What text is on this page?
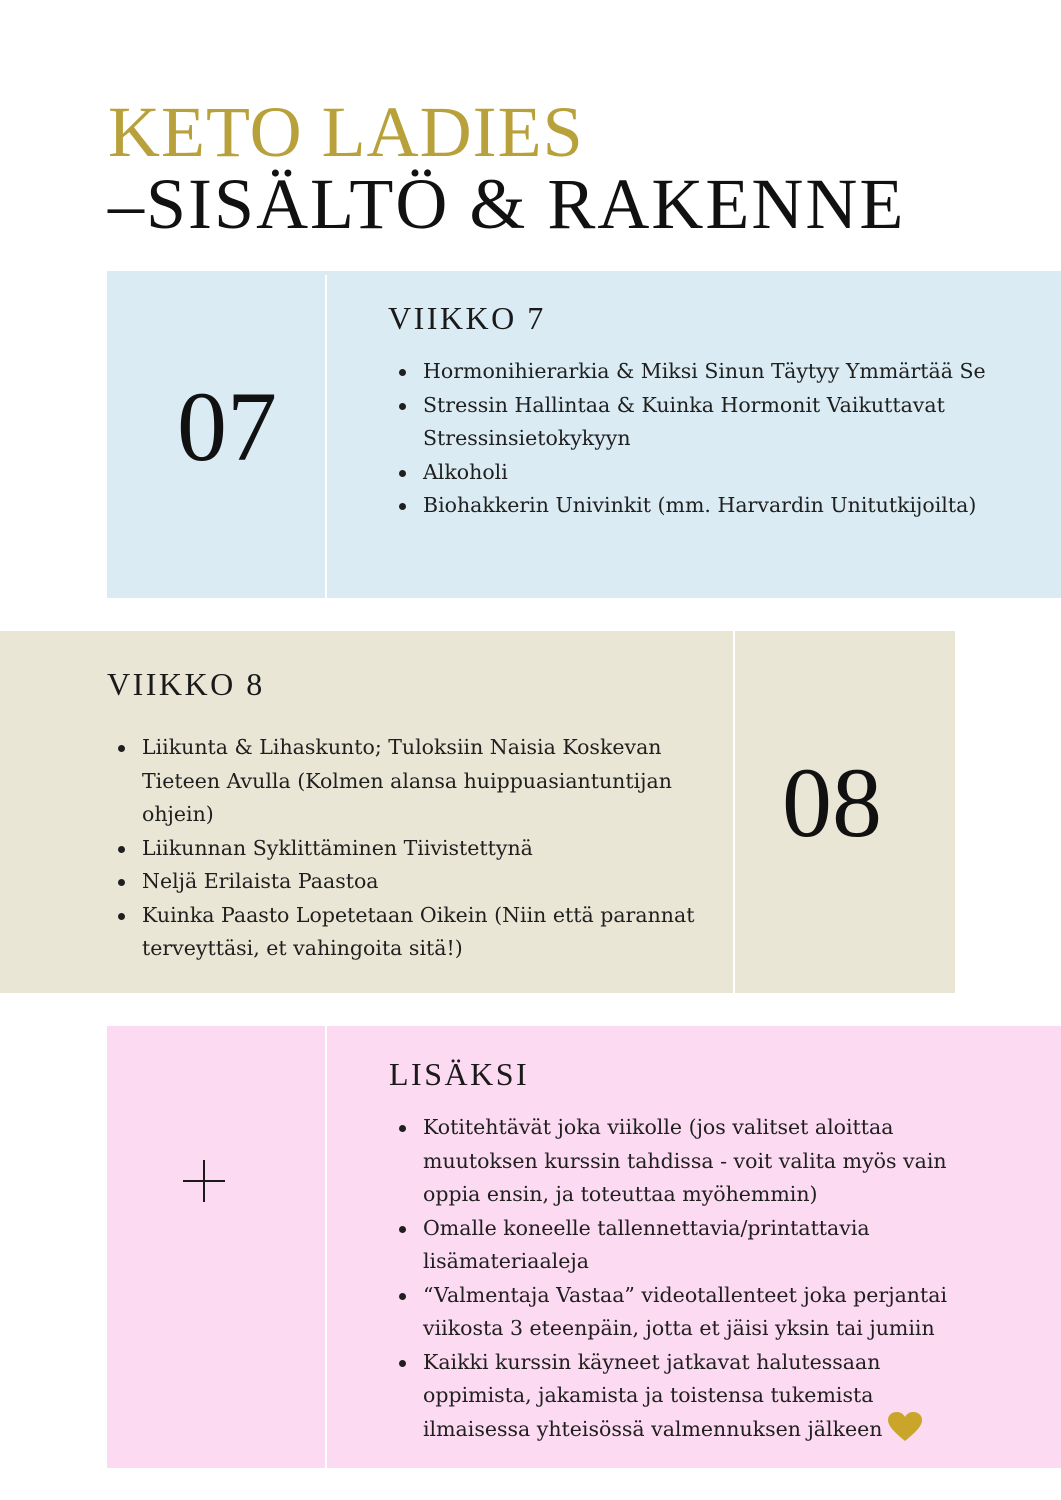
KETO LADIES
–SISÄLTÖ & RAKENNE
07
VIIKKO 7
Hormonihierarkia & Miksi Sinun Täytyy Ymmärtää Se
Stressin Hallintaa & Kuinka Hormonit Vaikuttavat Stressinsietokykyyn
Alkoholi
Biohakkerin Univinkit (mm. Harvardin Unitutkijoilta)
VIIKKO 8
Liikunta & Lihaskunto; Tuloksiin Naisia Koskevan Tieteen Avulla (Kolmen alansa huippuasiantuntijan ohjein)
Liikunnan Syklittäminen Tiivistettynä
Neljä Erilaista Paastoa
Kuinka Paasto Lopetetaan Oikein (Niin että parannat terveyttäsi, et vahingoita sitä!)
08
LISÄKSI
Kotitehtävät joka viikolle (jos valitset aloittaa muutoksen kurssin tahdissa - voit valita myös vain oppia ensin, ja toteuttaa myöhemmin)
Omalle koneelle tallennettavia/printattavia lisämateriaaleja
“Valmentaja Vastaa” videotallenteet joka perjantai viikosta 3 eteenpäin, jotta et jäisi yksin tai jumiin
Kaikki kurssin käyneet jatkavat halutessaan oppimista, jakamista ja toistensa tukemista ilmaisessa yhteisössä valmennuksen jälkeen
